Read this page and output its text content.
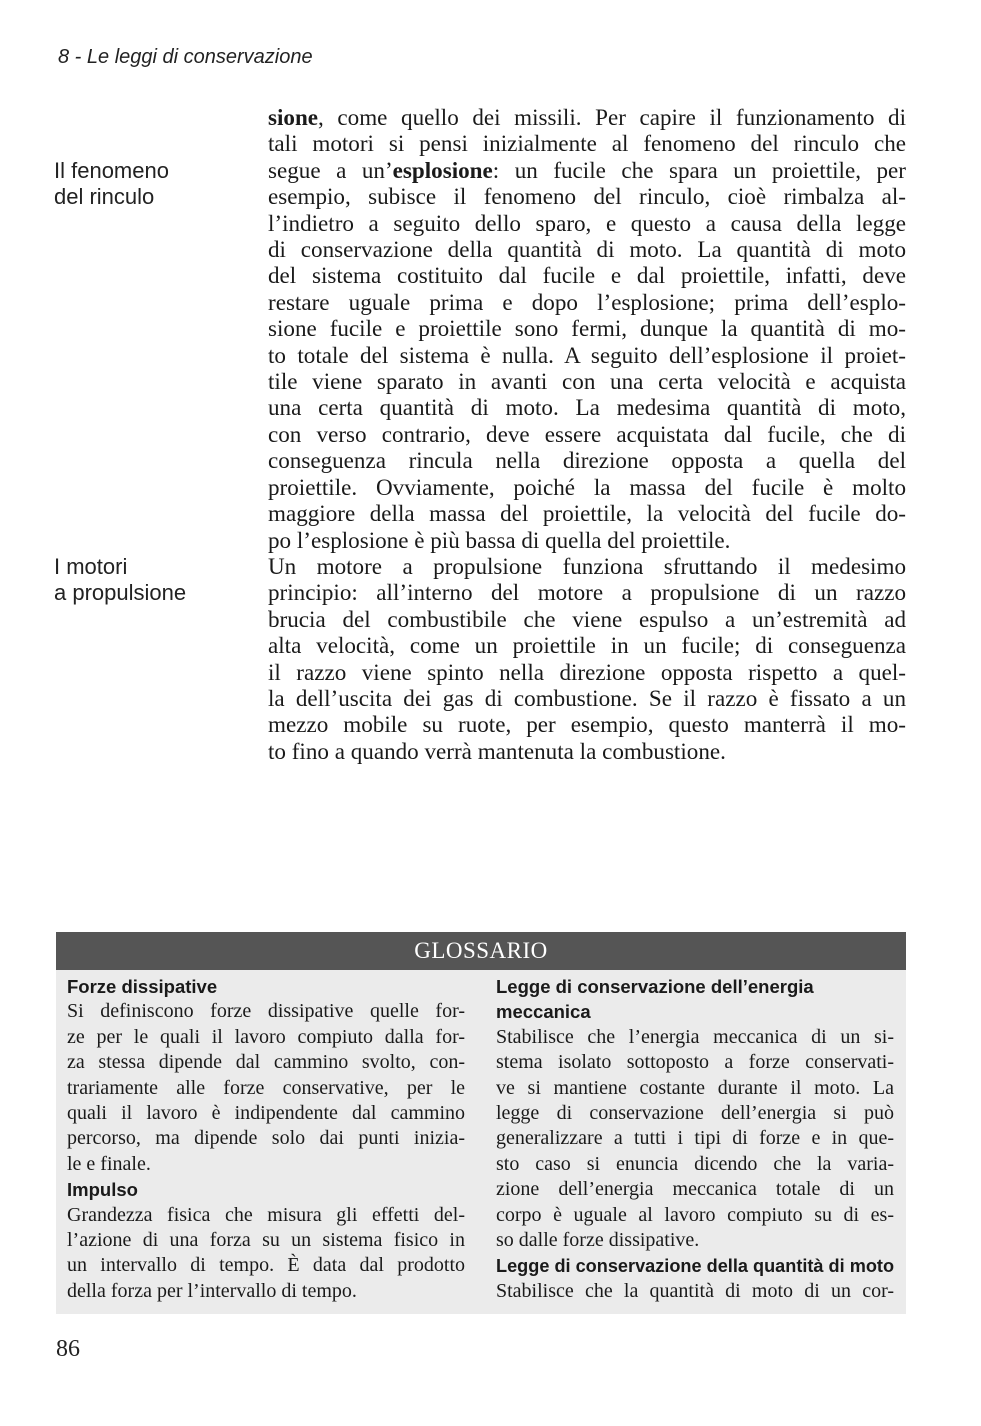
8 - Le leggi di conservazione
Il fenomeno
del rinculo
I motori
a propulsione
sione, come quello dei missili. Per capire il funzionamento di
tali motori si pensi inizialmente al fenomeno del rinculo che
segue a un’esplosione: un fucile che spara un proiettile, per
esempio, subisce il fenomeno del rinculo, cioè rimbalza al-
l’indietro a seguito dello sparo, e questo a causa della legge
di conservazione della quantità di moto. La quantità di moto
del sistema costituito dal fucile e dal proiettile, infatti, deve
restare uguale prima e dopo l’esplosione; prima dell’esplo-
sione fucile e proiettile sono fermi, dunque la quantità di mo-
to totale del sistema è nulla. A seguito dell’esplosione il proiet-
tile viene sparato in avanti con una certa velocità e acquista
una certa quantità di moto. La medesima quantità di moto,
con verso contrario, deve essere acquistata dal fucile, che di
conseguenza rincula nella direzione opposta a quella del
proiettile. Ovviamente, poiché la massa del fucile è molto
maggiore della massa del proiettile, la velocità del fucile do-
po l’esplosione è più bassa di quella del proiettile.
Un motore a propulsione funziona sfruttando il medesimo
principio: all’interno del motore a propulsione di un razzo
brucia del combustibile che viene espulso a un’estremità ad
alta velocità, come un proiettile in un fucile; di conseguenza
il razzo viene spinto nella direzione opposta rispetto a quel-
la dell’uscita dei gas di combustione. Se il razzo è fissato a un
mezzo mobile su ruote, per esempio, questo manterrà il mo-
to fino a quando verrà mantenuta la combustione.
GLOSSARIO
Forze dissipative
Si definiscono forze dissipative quelle for-
ze per le quali il lavoro compiuto dalla for-
za stessa dipende dal cammino svolto, con-
trariamente alle forze conservative, per le
quali il lavoro è indipendente dal cammino
percorso, ma dipende solo dai punti inizia-
le e finale.
Impulso
Grandezza fisica che misura gli effetti del-
l’azione di una forza su un sistema fisico in
un intervallo di tempo. È data dal prodotto
della forza per l’intervallo di tempo.
Legge di conservazione dell’energia
meccanica
Stabilisce che l’energia meccanica di un si-
stema isolato sottoposto a forze conservati-
ve si mantiene costante durante il moto. La
legge di conservazione dell’energia si può
generalizzare a tutti i tipi di forze e in que-
sto caso si enuncia dicendo che la varia-
zione dell’energia meccanica totale di un
corpo è uguale al lavoro compiuto su di es-
so dalle forze dissipative.
Legge di conservazione della quantità di moto
Stabilisce che la quantità di moto di un cor-
86
